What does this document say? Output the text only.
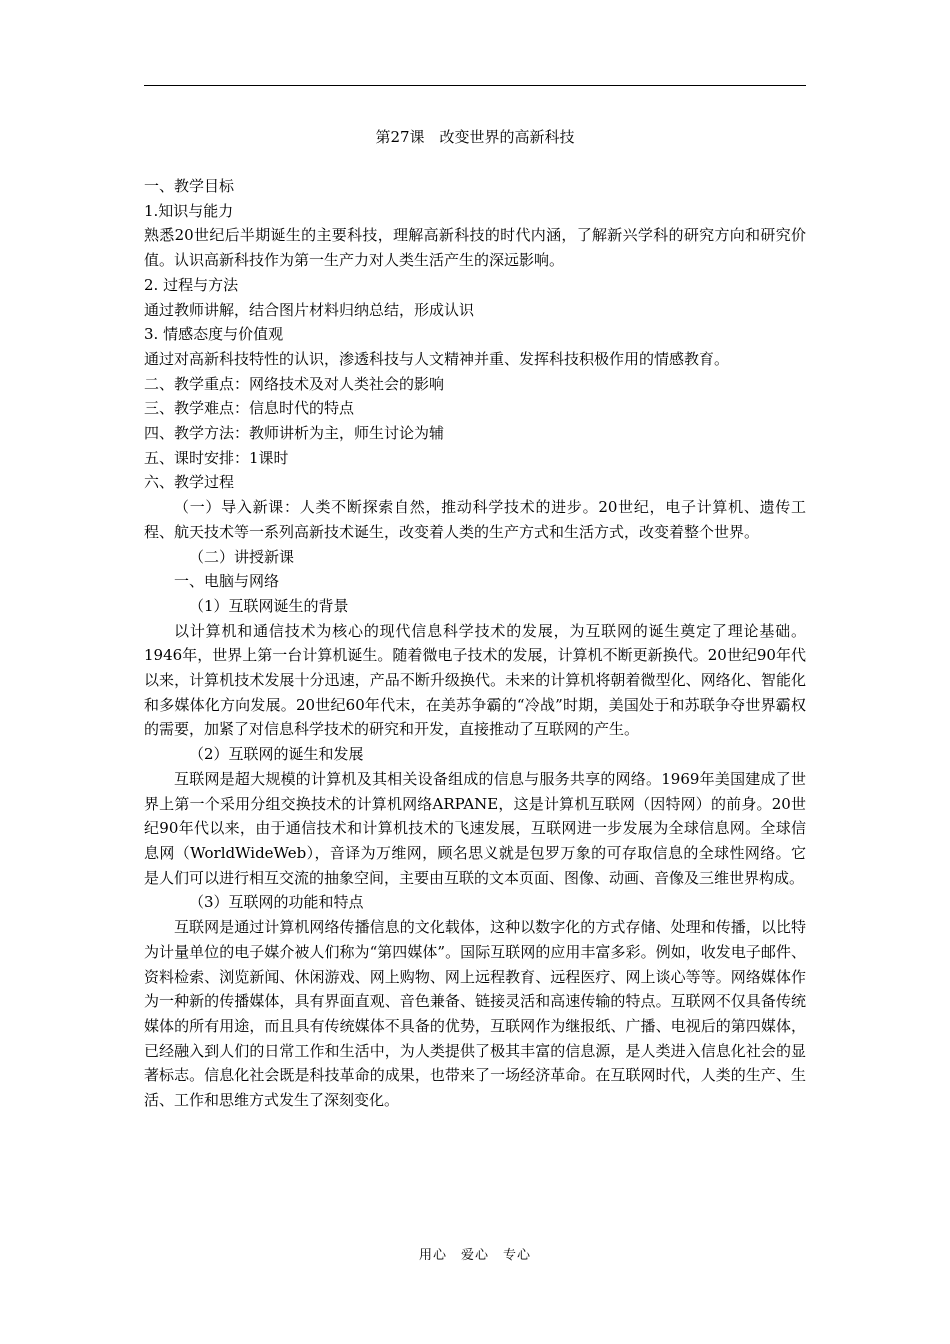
第27课　改变世界的高新科技

一、教学目标

1.知识与能力

熟悉20世纪后半期诞生的主要科技，理解高新科技的时代内涵，了解新兴学科的研究方向和研究价值。认识高新科技作为第一生产力对人类生活产生的深远影响。

2. 过程与方法

通过教师讲解，结合图片材料归纳总结，形成认识

3. 情感态度与价值观

通过对高新科技特性的认识，渗透科技与人文精神并重、发挥科技积极作用的情感教育。

二、教学重点：网络技术及对人类社会的影响

三、教学难点：信息时代的特点

四、教学方法：教师讲析为主，师生讨论为辅

五、课时安排：1课时

六、教学过程

（一）导入新课：人类不断探索自然，推动科学技术的进步。20世纪，电子计算机、遗传工程、航天技术等一系列高新技术诞生，改变着人类的生产方式和生活方式，改变着整个世界。

（二）讲授新课

一、电脑与网络

（1）互联网诞生的背景

以计算机和通信技术为核心的现代信息科学技术的发展，为互联网的诞生奠定了理论基础。1946年，世界上第一台计算机诞生。随着微电子技术的发展，计算机不断更新换代。20世纪90年代以来，计算机技术发展十分迅速，产品不断升级换代。未来的计算机将朝着微型化、网络化、智能化和多媒体化方向发展。20世纪60年代末，在美苏争霸的“冷战”时期，美国处于和苏联争夺世界霸权的需要，加紧了对信息科学技术的研究和开发，直接推动了互联网的产生。

（2）互联网的诞生和发展

互联网是超大规模的计算机及其相关设备组成的信息与服务共享的网络。1969年美国建成了世界上第一个采用分组交换技术的计算机网络ARPANE，这是计算机互联网（因特网）的前身。20世纪90年代以来，由于通信技术和计算机技术的飞速发展，互联网进一步发展为全球信息网。全球信息网（WorldWideWeb），音译为万维网，顾名思义就是包罗万象的可存取信息的全球性网络。它是人们可以进行相互交流的抽象空间，主要由互联的文本页面、图像、动画、音像及三维世界构成。

（3）互联网的功能和特点

互联网是通过计算机网络传播信息的文化载体，这种以数字化的方式存储、处理和传播，以比特为计量单位的电子媒介被人们称为“第四媒体”。国际互联网的应用丰富多彩。例如，收发电子邮件、资料检索、浏览新闻、休闲游戏、网上购物、网上远程教育、远程医疗、网上谈心等等。网络媒体作为一种新的传播媒体，具有界面直观、音色兼备、链接灵活和高速传输的特点。互联网不仅具备传统媒体的所有用途，而且具有传统媒体不具备的优势，互联网作为继报纸、广播、电视后的第四媒体，已经融入到人们的日常工作和生活中，为人类提供了极其丰富的信息源，是人类进入信息化社会的显著标志。信息化社会既是科技革命的成果，也带来了一场经济革命。在互联网时代，人类的生产、生活、工作和思维方式发生了深刻变化。

用心　爱心　专心
